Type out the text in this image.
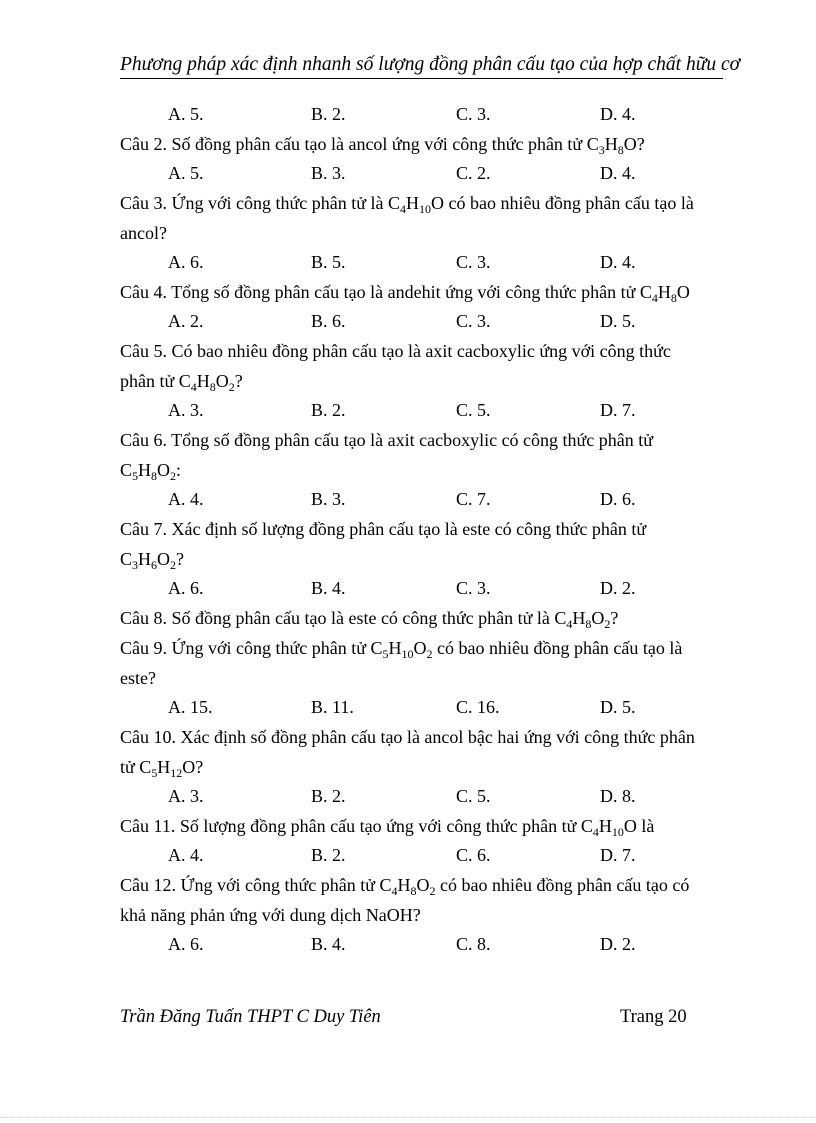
Phương pháp xác định nhanh số lượng đồng phân cấu tạo của hợp chất hữu cơ
A. 5.	B. 2.	C. 3.	D. 4.
Câu 2. Số đồng phân cấu tạo là ancol ứng với công thức phân tử $C_3H_8O$?
A. 5.	B. 3.	C. 2.	D. 4.
Câu 3. Ứng với công thức phân tử là $C_4H_{10}O$ có bao nhiêu đồng phân cấu tạo là
ancol?
A. 6.	B. 5.	C. 3.	D. 4.
Câu 4. Tổng số đồng phân cấu tạo là andehit ứng với công thức phân tử $C_4H_8O$
A. 2.	B. 6.	C. 3.	D. 5.
Câu 5. Có bao nhiêu đồng phân cấu tạo là axit cacboxylic ứng với công thức
phân tử $C_4H_8O_2$?
A. 3.	B. 2.	C. 5.	D. 7.
Câu 6. Tổng số đồng phân cấu tạo là axit cacboxylic có công thức phân tử
$C_5H_8O_2$:
A. 4.	B. 3.	C. 7.	D. 6.
Câu 7. Xác định số lượng đồng phân cấu tạo là este có công thức phân tử
$C_3H_6O_2$?
A. 6.	B. 4.	C. 3.	D. 2.
Câu 8. Số đồng phân cấu tạo là este có công thức phân tử là $C_4H_8O_2$?
Câu 9. Ứng với công thức phân tử $C_5H_{10}O_2$ có bao nhiêu đồng phân cấu tạo là
este?
A. 15.	B. 11.	C. 16.	D. 5.
Câu 10. Xác định số đồng phân cấu tạo là ancol bậc hai ứng với công thức phân
tử $C_5H_{12}O$?
A. 3.	B. 2.	C. 5.	D. 8.
Câu 11. Số lượng đồng phân cấu tạo ứng với công thức phân tử $C_4H_{10}O$ là
A. 4.	B. 2.	C. 6.	D. 7.
Câu 12. Ứng với công thức phân tử $C_4H_8O_2$ có bao nhiêu đồng phân cấu tạo có
khả năng phản ứng với dung dịch NaOH?
A. 6.	B. 4.	C. 8.	D. 2.
Trần Đăng Tuấn THPT C Duy Tiên	Trang 20
